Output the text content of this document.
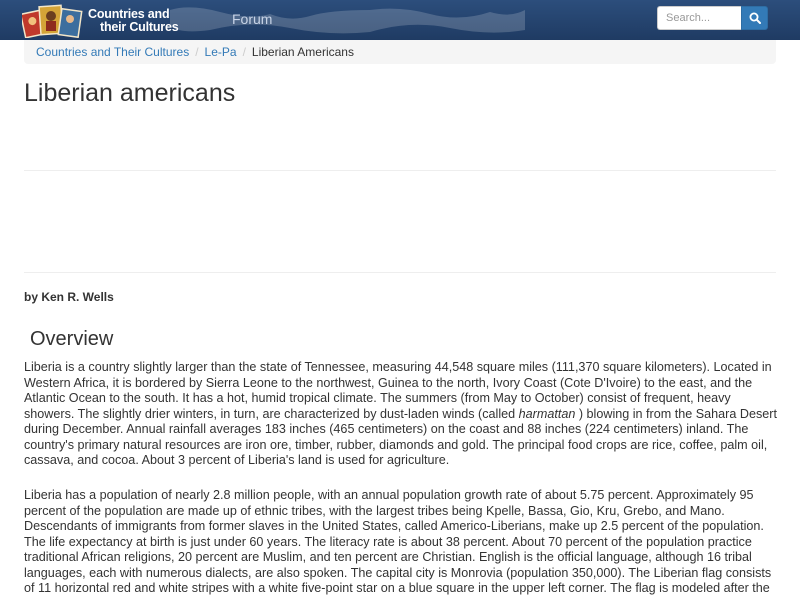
Countries and
their Cultures	Forum
Search...
Countries and Their Cultures / Le-Pa / Liberian Americans
Liberian americans
by Ken R. Wells
Overview

Liberia is a country slightly larger than the state of Tennessee, measuring 44,548 square miles (111,370 square kilometers). Located in Western Africa, it is bordered by Sierra Leone to the northwest, Guinea to the north, Ivory Coast (Cote D'Ivoire) to the east, and the Atlantic Ocean to the south. It has a hot, humid tropical climate. The summers (from May to October) consist of frequent, heavy showers. The slightly drier winters, in turn, are characterized by dust-laden winds (called harmattan ) blowing in from the Sahara Desert during December. Annual rainfall averages 183 inches (465 centimeters) on the coast and 88 inches (224 centimeters) inland. The country's primary natural resources are iron ore, timber, rubber, diamonds and gold. The principal food crops are rice, coffee, palm oil, cassava, and cocoa. About 3 percent of Liberia's land is used for agriculture.

Liberia has a population of nearly 2.8 million people, with an annual population growth rate of about 5.75 percent. Approximately 95 percent of the population are made up of ethnic tribes, with the largest tribes being Kpelle, Bassa, Gio, Kru, Grebo, and Mano. Descendants of immigrants from former slaves in the United States, called Americo-Liberians, make up 2.5 percent of the population. The life expectancy at birth is just under 60 years. The literacy rate is about 38 percent. About 70 percent of the population practice traditional African religions, 20 percent are Muslim, and ten percent are Christian. English is the official language, although 16 tribal languages, each with numerous dialects, are also spoken. The capital city is Monrovia (population 350,000). The Liberian flag consists of 11 horizontal red and white stripes with a white five-point star on a blue square in the upper left corner. The flag is modeled after the
